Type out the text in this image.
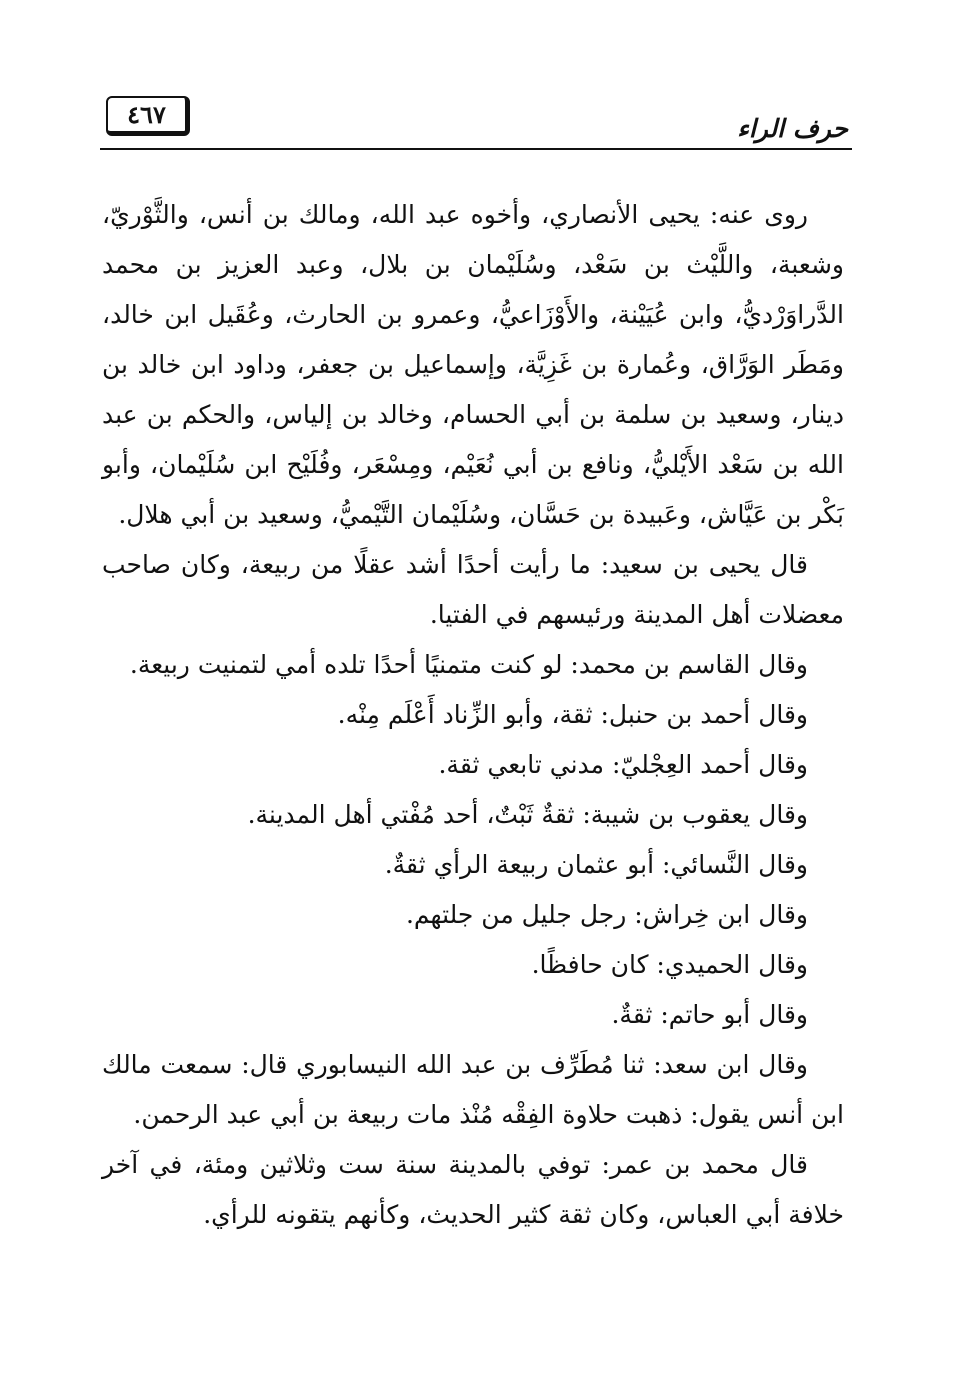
٤٦٧	حرف الراء

روى عنه: يحيى الأنصاري، وأخوه عبد الله، ومالك بن أنس، والثَّوْريّ، وشعبة، واللَّيْث بن سَعْد، وسُلَيْمان بن بلال، وعبد العزيز بن محمد الدَّراوَرْديُّ، وابن عُيَيْنة، والأَوْزَاعيُّ، وعمرو بن الحارث، وعُقَيل ابن خالد، ومَطَر الوَرَّاق، وعُمارة بن غَزِيَّة، وإسماعيل بن جعفر، وداود ابن خالد بن دينار، وسعيد بن سلمة بن أبي الحسام، وخالد بن إلياس، والحكم بن عبد الله بن سَعْد الأَيْليُّ، ونافع بن أبي نُعَيْم، ومِسْعَر، وفُلَيْح ابن سُلَيْمان، وأبو بَكْر بن عَيَّاش، وعَبيدة بن حَسَّان، وسُلَيْمان التَّيْميُّ، وسعيد بن أبي هلال.

قال يحيى بن سعيد: ما رأيت أحدًا أشد عقلًا من ربيعة، وكان صاحب معضلات أهل المدينة ورئيسهم في الفتيا.

وقال القاسم بن محمد: لو كنت متمنيًا أحدًا تلده أمي لتمنيت ربيعة.

وقال أحمد بن حنبل: ثقة، وأبو الزِّناد أَعْلَم مِنْه.

وقال أحمد العِجْليّ: مدني تابعي ثقة.

وقال يعقوب بن شيبة: ثقةٌ ثَبْتٌ، أحد مُفْتي أهل المدينة.

وقال النَّسائي: أبو عثمان ربيعة الرأي ثقةٌ.

وقال ابن خِراش: رجل جليل من جلتهم.

وقال الحميدي: كان حافظًا.

وقال أبو حاتم: ثقةٌ.

وقال ابن سعد: ثنا مُطَرِّف بن عبد الله النيسابوري قال: سمعت مالك ابن أنس يقول: ذهبت حلاوة الفِقْه مُنْذ مات ربيعة بن أبي عبد الرحمن.

قال محمد بن عمر: توفي بالمدينة سنة ست وثلاثين ومئة، في آخر خلافة أبي العباس، وكان ثقة كثير الحديث، وكأنهم يتقونه للرأي.
